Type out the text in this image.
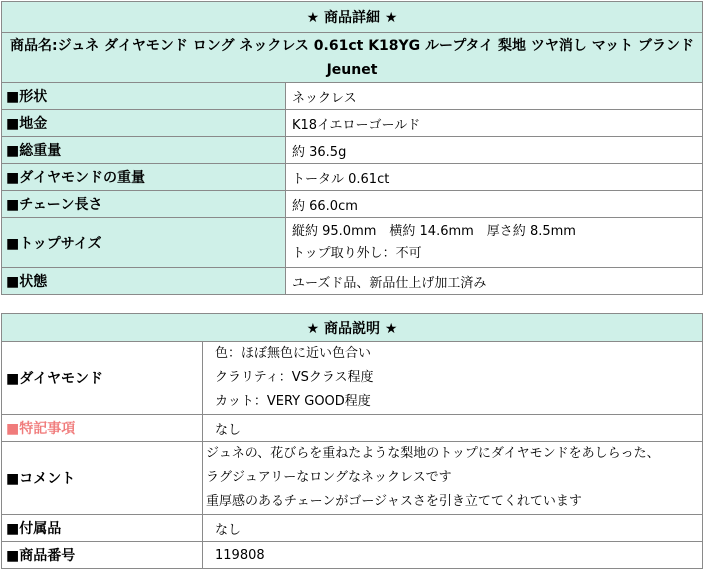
★ 商品詳細 ★	
商品名:ジュネ ダイヤモンド ロング ネックレス 0.61ct K18YG ループタイ 梨地 ツヤ消し マット ブランド Jeunet	
■形状	ネックレス
■地金	K18イエローゴールド
■総重量	約 36.5g
■ダイヤモンドの重量	トータル 0.61ct
■チェーン長さ	約 66.0cm
■トップサイズ	縦約 95.0mm　横約 14.6mm　厚さ約 8.5mm
トップ取り外し：不可

■状態	ユーズド品、新品仕上げ加工済み
★ 商品説明 ★	
■ダイヤモンド	色：ほぼ無色に近い色合い
クラリティ：VSクラス程度
カット：VERY GOOD程度

■特記事項	なし
■コメント	ジュネの、花びらを重ねたような梨地のトップにダイヤモンドをあしらった、
ラグジュアリーなロングなネックレスです
重厚感のあるチェーンがゴージャスさを引き立ててくれています

■付属品	なし
■商品番号	119808
